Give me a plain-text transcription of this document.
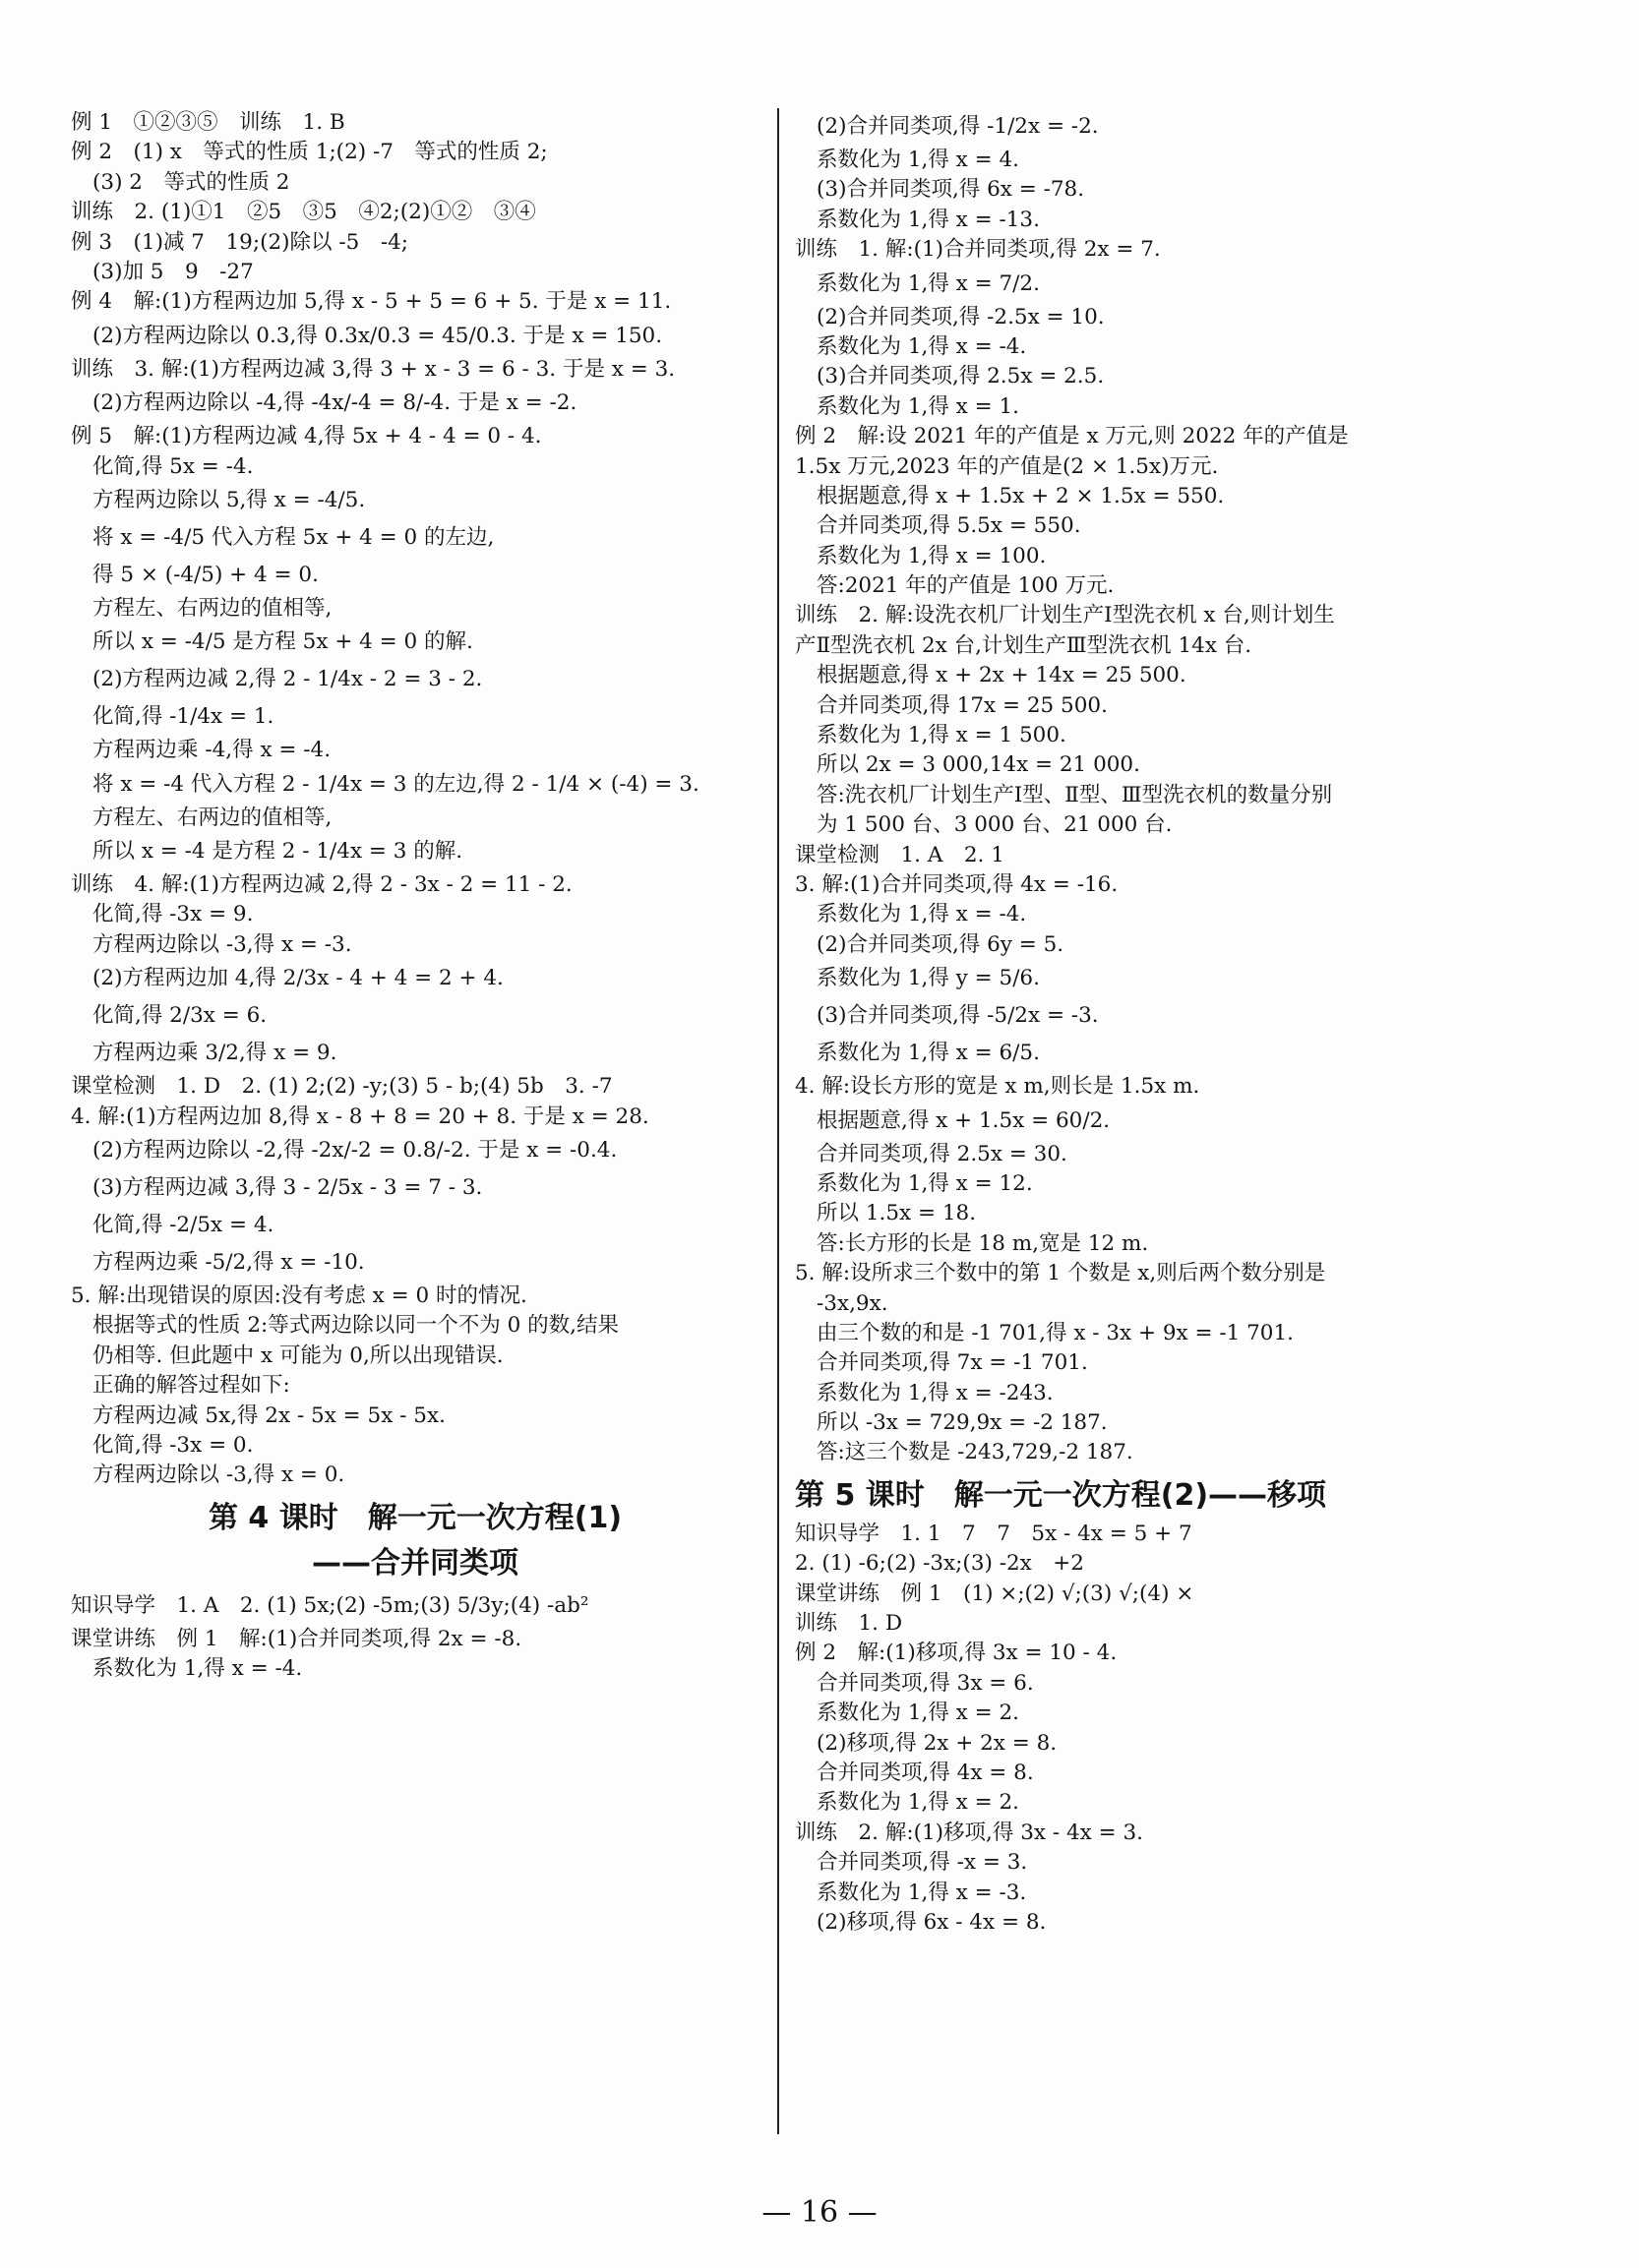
例 1　①②③⑤　训练　1. B
例 2　(1) x　等式的性质 1;(2) -7　等式的性质 2;
(3) 2　等式的性质 2
训练　2. (1)①1　②5　③5　④2;(2)①②　③④
例 3　(1)减 7　19;(2)除以 -5　-4;
(3)加 5　9　-27
例 4　解:(1)方程两边加 5,得 x - 5 + 5 = 6 + 5. 于是 x = 11.
(2)方程两边除以 0.3,得 0.3x/0.3 = 45/0.3. 于是 x = 150.
训练　3. 解:(1)方程两边减 3,得 3 + x - 3 = 6 - 3. 于是 x = 3.
(2)方程两边除以 -4,得 -4x/-4 = 8/-4. 于是 x = -2.
例 5　解:(1)方程两边减 4,得 5x + 4 - 4 = 0 - 4.
化简,得 5x = -4.
方程两边除以 5,得 x = -4/5.
将 x = -4/5 代入方程 5x + 4 = 0 的左边,
得 5 × (-4/5) + 4 = 0.
方程左、右两边的值相等,
所以 x = -4/5 是方程 5x + 4 = 0 的解.
(2)方程两边减 2,得 2 - 1/4x - 2 = 3 - 2.
化简,得 -1/4x = 1.
方程两边乘 -4,得 x = -4.
将 x = -4 代入方程 2 - 1/4x = 3 的左边,得 2 - 1/4 × (-4) = 3.
方程左、右两边的值相等,
所以 x = -4 是方程 2 - 1/4x = 3 的解.
训练　4. 解:(1)方程两边减 2,得 2 - 3x - 2 = 11 - 2.
化简,得 -3x = 9.
方程两边除以 -3,得 x = -3.
(2)方程两边加 4,得 2/3x - 4 + 4 = 2 + 4.
化简,得 2/3x = 6.
方程两边乘 3/2,得 x = 9.
课堂检测　1. D　2. (1) 2;(2) -y;(3) 5 - b;(4) 5b　3. -7
4. 解:(1)方程两边加 8,得 x - 8 + 8 = 20 + 8. 于是 x = 28.
(2)方程两边除以 -2,得 -2x/-2 = 0.8/-2. 于是 x = -0.4.
(3)方程两边减 3,得 3 - 2/5x - 3 = 7 - 3.
化简,得 -2/5x = 4.
方程两边乘 -5/2,得 x = -10.
5. 解:出现错误的原因:没有考虑 x = 0 时的情况.
根据等式的性质 2:等式两边除以同一个不为 0 的数,结果
仍相等. 但此题中 x 可能为 0,所以出现错误.
正确的解答过程如下:
方程两边减 5x,得 2x - 5x = 5x - 5x.
化简,得 -3x = 0.
方程两边除以 -3,得 x = 0.
第 4 课时　解一元一次方程(1)
——合并同类项
知识导学　1. A　2. (1) 5x;(2) -5m;(3) 5/3y;(4) -ab²
课堂讲练　例 1　解:(1)合并同类项,得 2x = -8.
系数化为 1,得 x = -4.
(2)合并同类项,得 -1/2x = -2.
系数化为 1,得 x = 4.
(3)合并同类项,得 6x = -78.
系数化为 1,得 x = -13.
训练　1. 解:(1)合并同类项,得 2x = 7.
系数化为 1,得 x = 7/2.
(2)合并同类项,得 -2.5x = 10.
系数化为 1,得 x = -4.
(3)合并同类项,得 2.5x = 2.5.
系数化为 1,得 x = 1.
例 2　解:设 2021 年的产值是 x 万元,则 2022 年的产值是
1.5x 万元,2023 年的产值是(2 × 1.5x)万元.
根据题意,得 x + 1.5x + 2 × 1.5x = 550.
合并同类项,得 5.5x = 550.
系数化为 1,得 x = 100.
答:2021 年的产值是 100 万元.
训练　2. 解:设洗衣机厂计划生产Ⅰ型洗衣机 x 台,则计划生
产Ⅱ型洗衣机 2x 台,计划生产Ⅲ型洗衣机 14x 台.
根据题意,得 x + 2x + 14x = 25 500.
合并同类项,得 17x = 25 500.
系数化为 1,得 x = 1 500.
所以 2x = 3 000,14x = 21 000.
答:洗衣机厂计划生产Ⅰ型、Ⅱ型、Ⅲ型洗衣机的数量分别
为 1 500 台、3 000 台、21 000 台.
课堂检测　1. A　2. 1
3. 解:(1)合并同类项,得 4x = -16.
系数化为 1,得 x = -4.
(2)合并同类项,得 6y = 5.
系数化为 1,得 y = 5/6.
(3)合并同类项,得 -5/2x = -3.
系数化为 1,得 x = 6/5.
4. 解:设长方形的宽是 x m,则长是 1.5x m.
根据题意,得 x + 1.5x = 60/2.
合并同类项,得 2.5x = 30.
系数化为 1,得 x = 12.
所以 1.5x = 18.
答:长方形的长是 18 m,宽是 12 m.
5. 解:设所求三个数中的第 1 个数是 x,则后两个数分别是
-3x,9x.
由三个数的和是 -1 701,得 x - 3x + 9x = -1 701.
合并同类项,得 7x = -1 701.
系数化为 1,得 x = -243.
所以 -3x = 729,9x = -2 187.
答:这三个数是 -243,729,-2 187.
第 5 课时　解一元一次方程(2)——移项
知识导学　1. 1　7　7　5x - 4x = 5 + 7
2. (1) -6;(2) -3x;(3) -2x　+2
课堂讲练　例 1　(1) ×;(2) √;(3) √;(4) ×
训练　1. D
例 2　解:(1)移项,得 3x = 10 - 4.
合并同类项,得 3x = 6.
系数化为 1,得 x = 2.
(2)移项,得 2x + 2x = 8.
合并同类项,得 4x = 8.
系数化为 1,得 x = 2.
训练　2. 解:(1)移项,得 3x - 4x = 3.
合并同类项,得 -x = 3.
系数化为 1,得 x = -3.
(2)移项,得 6x - 4x = 8.
— 16 —
